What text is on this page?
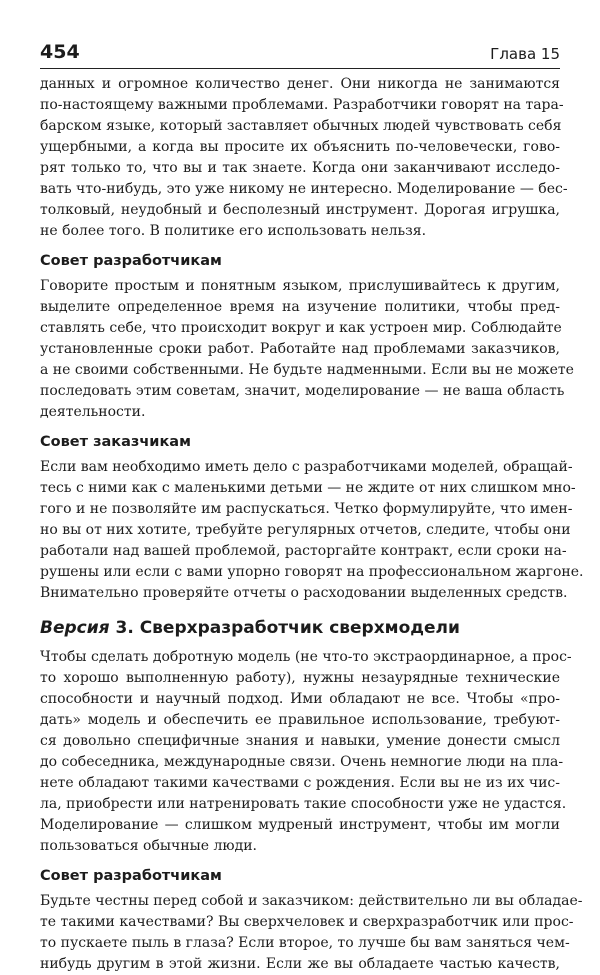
454	Глава 15
данных и огромное количество денег. Они никогда не занимаются
по-настоящему важными проблемами. Разработчики говорят на тара-
барском языке, который заставляет обычных людей чувствовать себя
ущербными, а когда вы просите их объяснить по-человечески, гово-
рят только то, что вы и так знаете. Когда они заканчивают исследо-
вать что-нибудь, это уже никому не интересно. Моделирование — бес-
толковый, неудобный и бесполезный инструмент. Дорогая игрушка,
не более того. В политике его использовать нельзя.
Совет разработчикам
Говорите простым и понятным языком, прислушивайтесь к другим,
выделите определенное время на изучение политики, чтобы пред-
ставлять себе, что происходит вокруг и как устроен мир. Соблюдайте
установленные сроки работ. Работайте над проблемами заказчиков,
а не своими собственными. Не будьте надменными. Если вы не можете
последовать этим советам, значит, моделирование — не ваша область
деятельности.
Совет заказчикам
Если вам необходимо иметь дело с разработчиками моделей, обращай-
тесь с ними как с маленькими детьми — не ждите от них слишком мно-
гого и не позволяйте им распускаться. Четко формулируйте, что имен-
но вы от них хотите, требуйте регулярных отчетов, следите, чтобы они
работали над вашей проблемой, расторгайте контракт, если сроки на-
рушены или если с вами упорно говорят на профессиональном жаргоне.
Внимательно проверяйте отчеты о расходовании выделенных средств.
Версия 3. Сверхразработчик сверхмодели
Чтобы сделать добротную модель (не что-то экстраординарное, а прос-
то хорошо выполненную работу), нужны незаурядные технические
способности и научный подход. Ими обладают не все. Чтобы «про-
дать» модель и обеспечить ее правильное использование, требуют-
ся довольно специфичные знания и навыки, умение донести смысл
до собеседника, международные связи. Очень немногие люди на пла-
нете обладают такими качествами с рождения. Если вы не из их чис-
ла, приобрести или натренировать такие способности уже не удастся.
Моделирование — слишком мудреный инструмент, чтобы им могли
пользоваться обычные люди.
Совет разработчикам
Будьте честны перед собой и заказчиком: действительно ли вы обладае-
те такими качествами? Вы сверхчеловек и сверхразработчик или прос-
то пускаете пыль в глаза? Если второе, то лучше бы вам заняться чем-
нибудь другим в этой жизни. Если же вы обладаете частью качеств,
